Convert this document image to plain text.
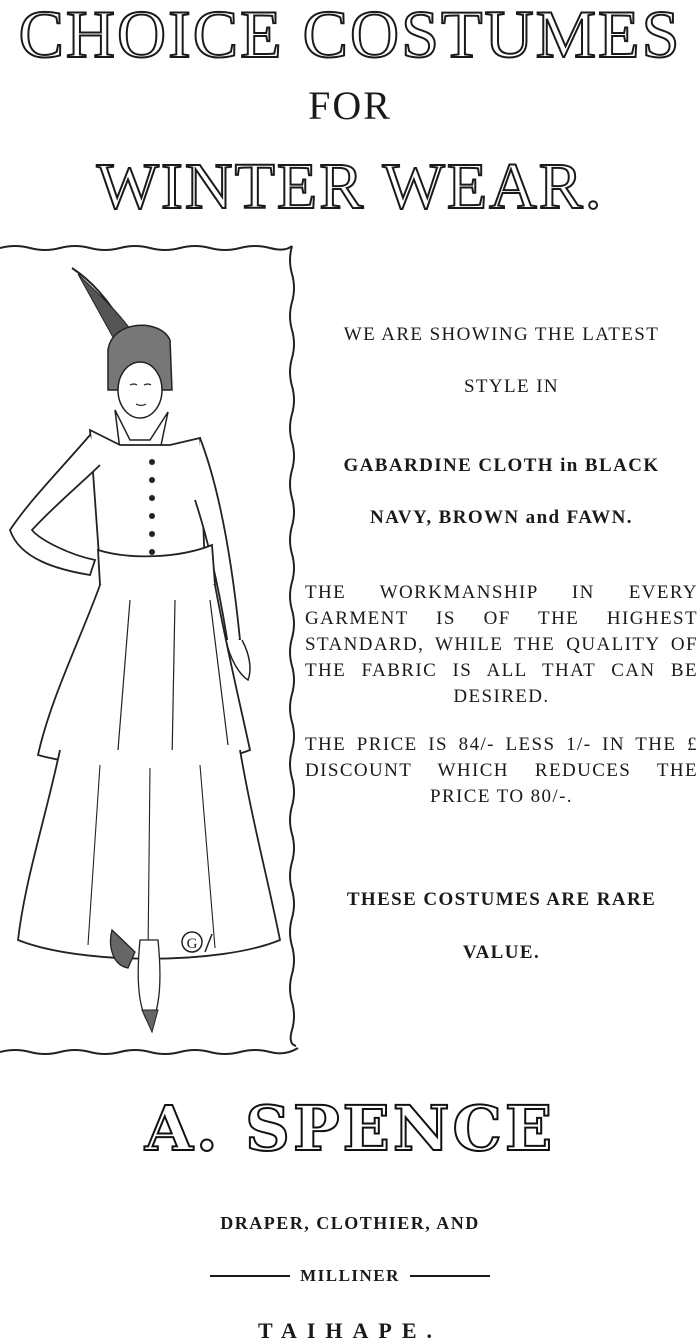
CHOICE COSTUMES
FOR
WINTER WEAR.
G
WE ARE SHOWING THE LATEST
STYLE IN
GABARDINE CLOTH in BLACK
NAVY, BROWN and FAWN.
THE WORKMANSHIP IN EVERY GARMENT IS OF THE HIGHEST STANDARD, WHILE THE QUALITY OF THE FABRIC IS ALL THAT CAN BE DESIRED.
THE PRICE IS 84/- LESS 1/- IN THE £ DISCOUNT WHICH REDUCES THE PRICE TO 80/-.
THESE COSTUMES ARE RARE
VALUE.
A. SPENCE
DRAPER, CLOTHIER, AND
MILLINER
TAIHAPE.
